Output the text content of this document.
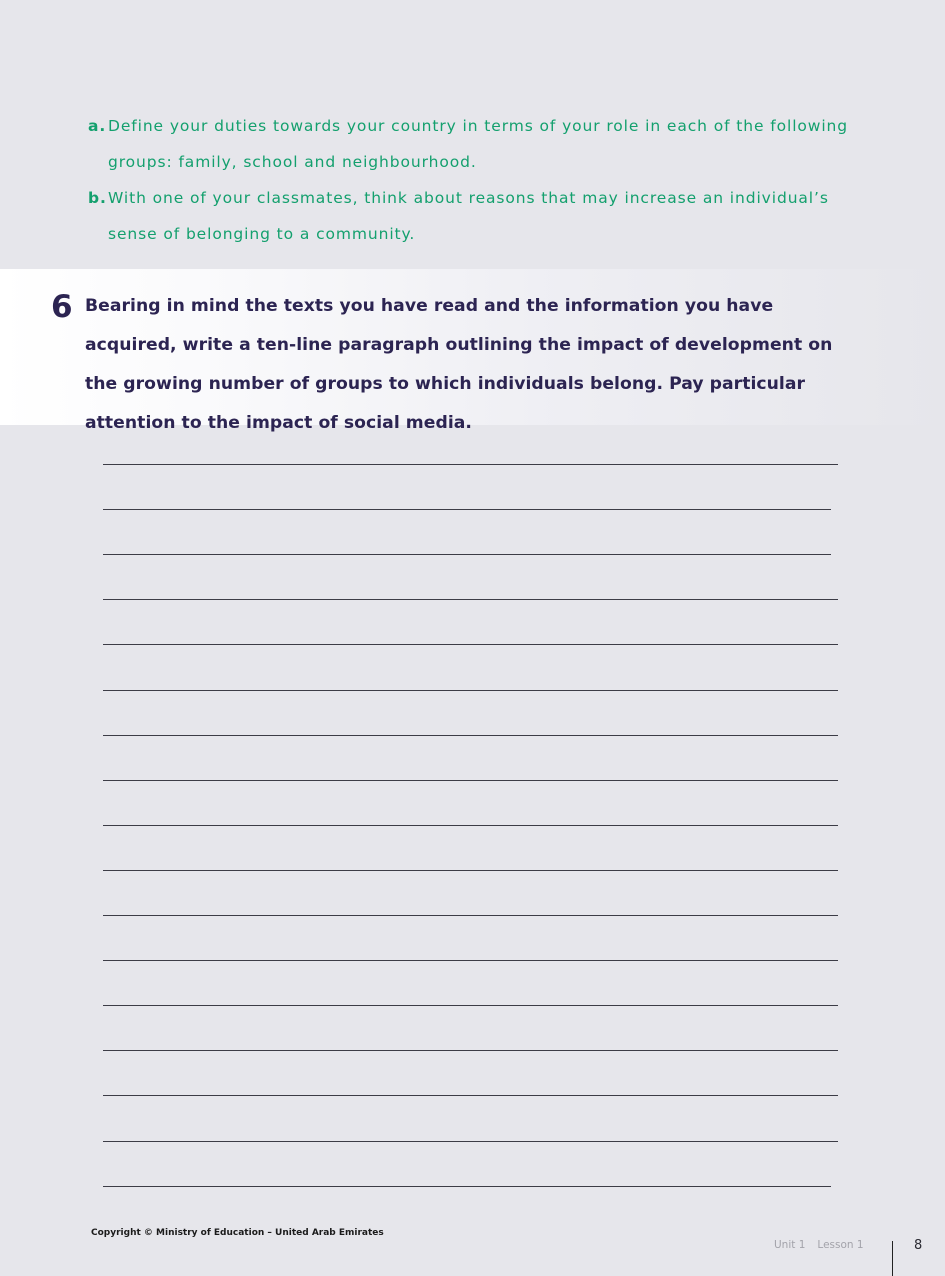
a. Define your duties towards your country in terms of your role in each of the following groups: family, school and neighbourhood.
b. With one of your classmates, think about reasons that may increase an individual’s sense of belonging to a community.
6 Bearing in mind the texts you have read and the information you have acquired, write a ten-line paragraph outlining the impact of development on the growing number of groups to which individuals belong. Pay particular attention to the impact of social media.
Copyright © Ministry of Education – United Arab Emirates
Unit 1 Lesson 1	8
